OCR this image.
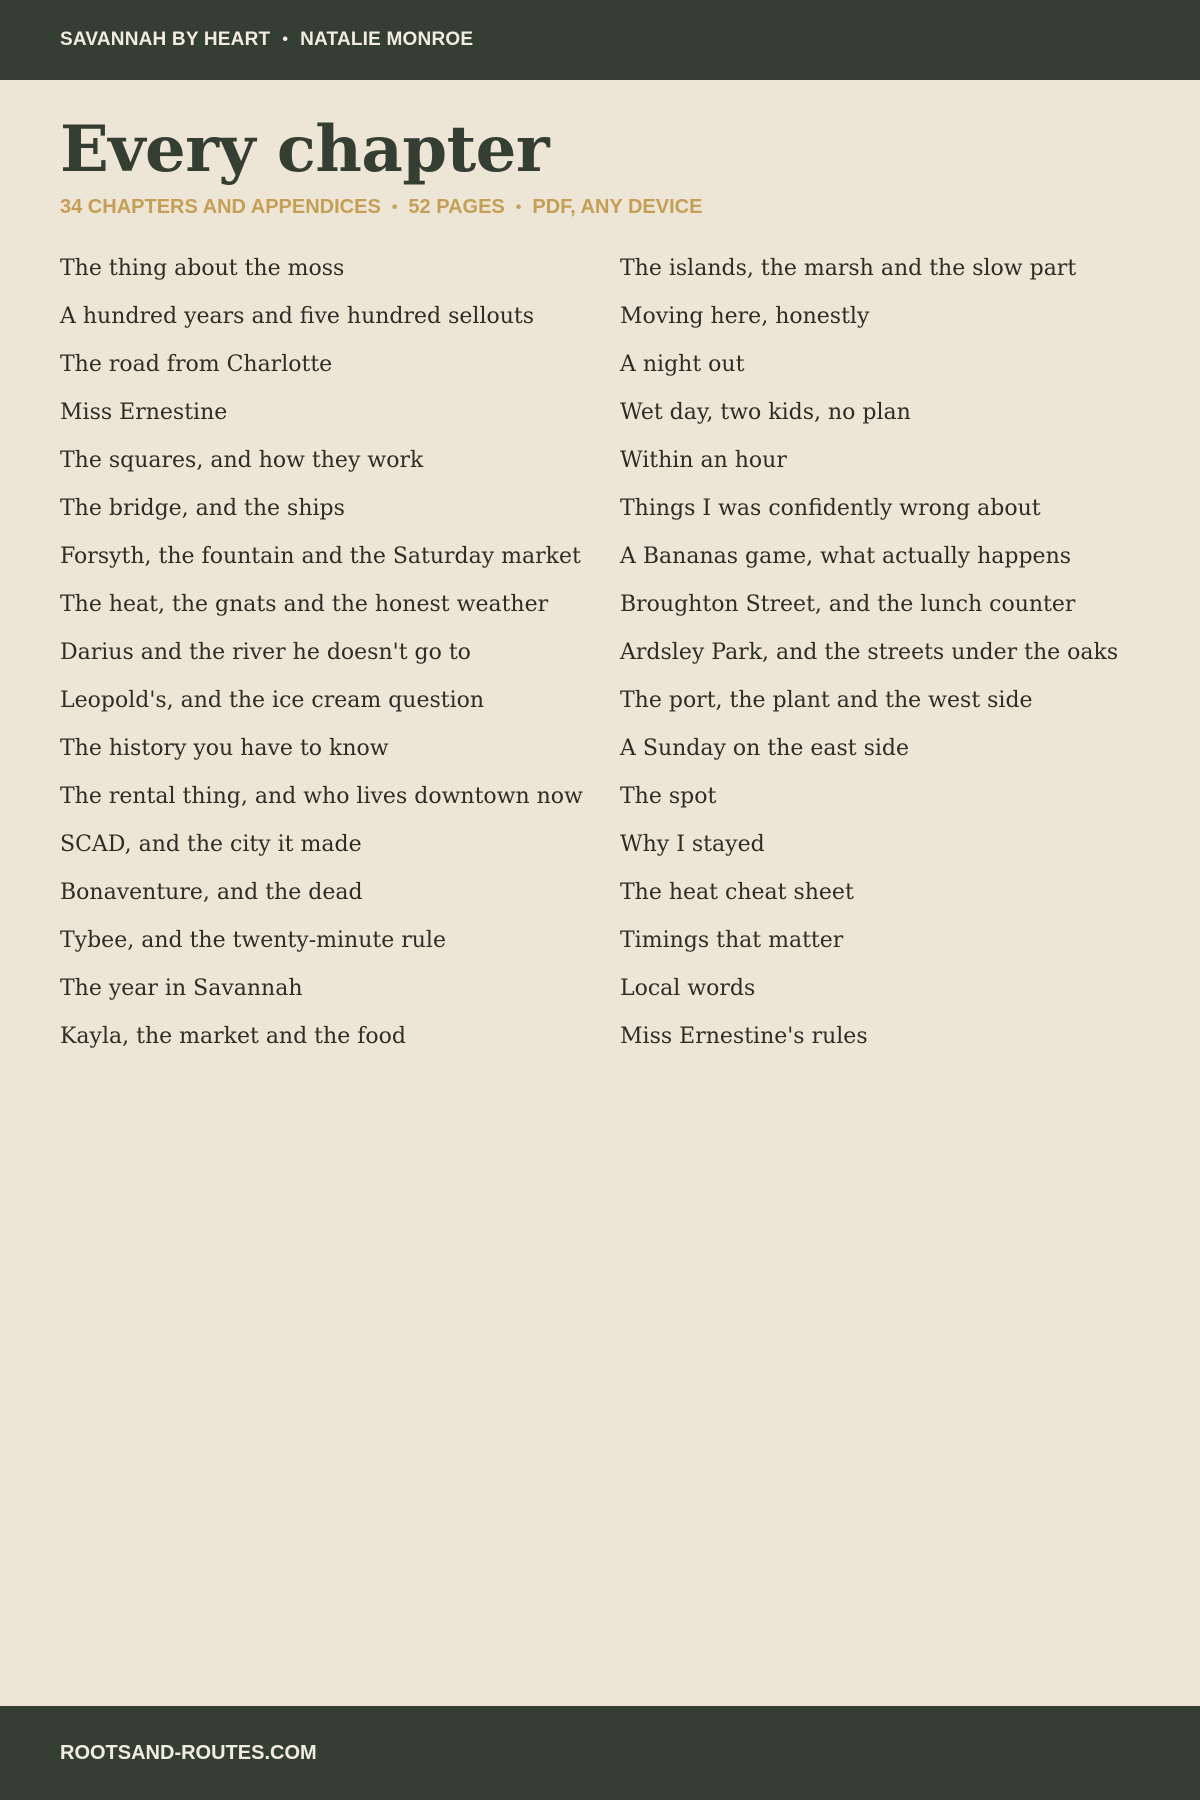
SAVANNAH BY HEART • NATALIE MONROE
Every chapter
34 CHAPTERS AND APPENDICES • 52 PAGES • PDF, ANY DEVICE
The thing about the moss
A hundred years and five hundred sellouts
The road from Charlotte
Miss Ernestine
The squares, and how they work
The bridge, and the ships
Forsyth, the fountain and the Saturday market
The heat, the gnats and the honest weather
Darius and the river he doesn't go to
Leopold's, and the ice cream question
The history you have to know
The rental thing, and who lives downtown now
SCAD, and the city it made
Bonaventure, and the dead
Tybee, and the twenty-minute rule
The year in Savannah
Kayla, the market and the food
The islands, the marsh and the slow part
Moving here, honestly
A night out
Wet day, two kids, no plan
Within an hour
Things I was confidently wrong about
A Bananas game, what actually happens
Broughton Street, and the lunch counter
Ardsley Park, and the streets under the oaks
The port, the plant and the west side
A Sunday on the east side
The spot
Why I stayed
The heat cheat sheet
Timings that matter
Local words
Miss Ernestine's rules
ROOTSAND-ROUTES.COM
